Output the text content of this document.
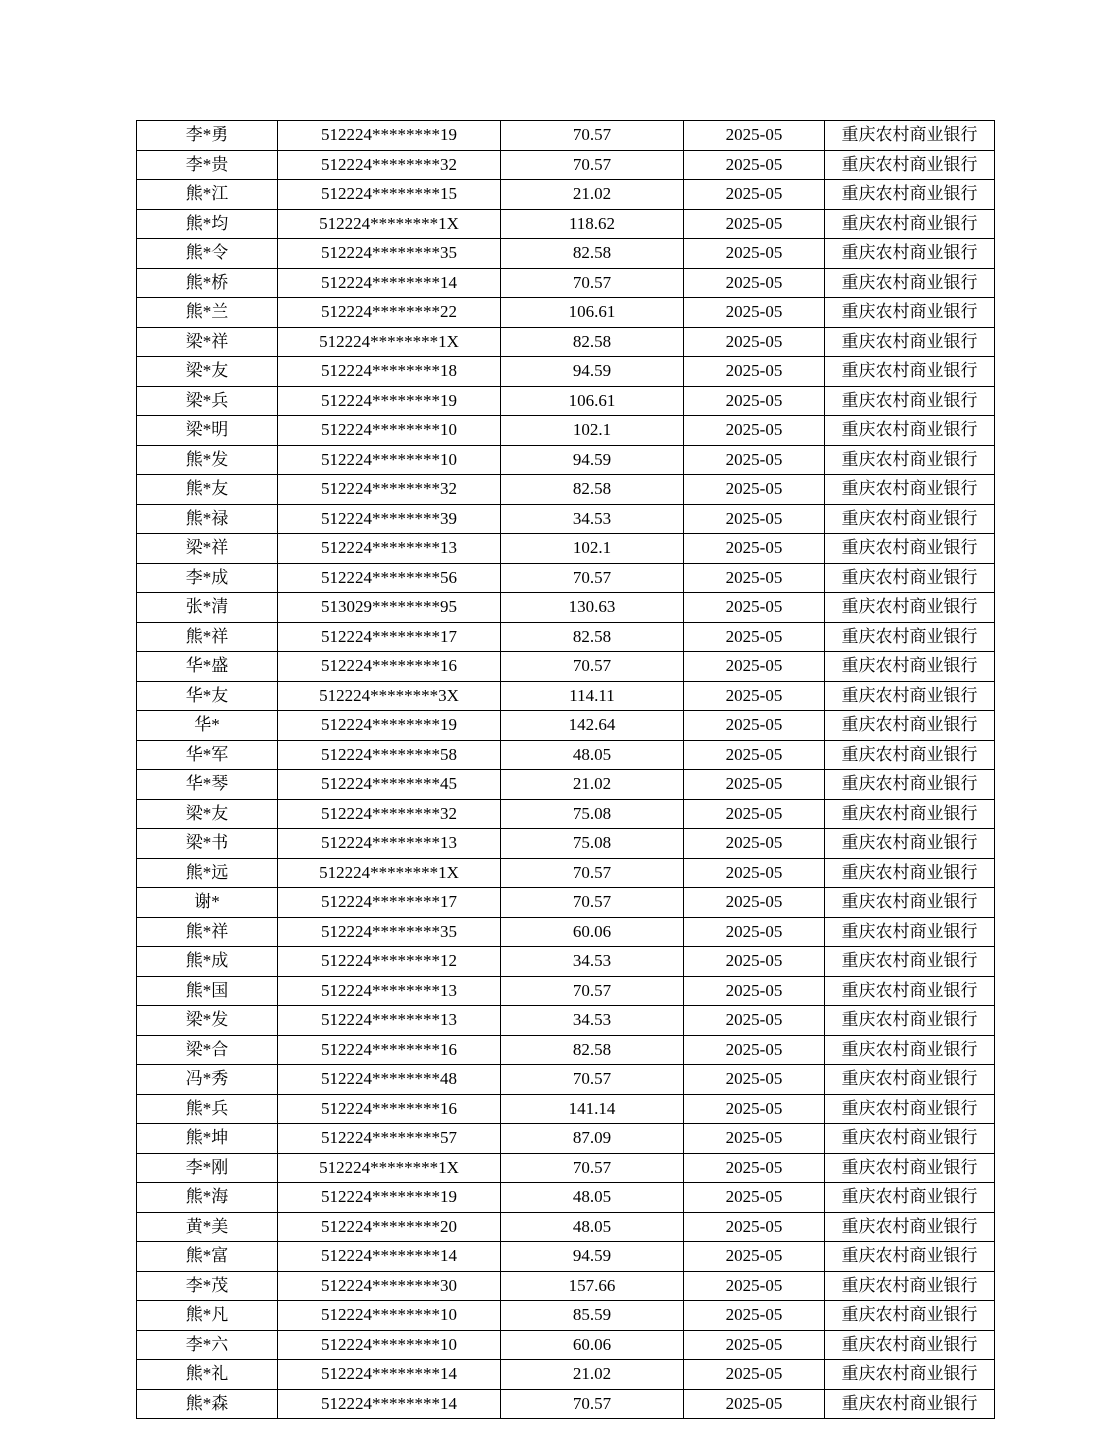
李*勇	512224********19	70.57	2025-05	重庆农村商业银行
李*贵	512224********32	70.57	2025-05	重庆农村商业银行
熊*江	512224********15	21.02	2025-05	重庆农村商业银行
熊*均	512224********1X	118.62	2025-05	重庆农村商业银行
熊*令	512224********35	82.58	2025-05	重庆农村商业银行
熊*桥	512224********14	70.57	2025-05	重庆农村商业银行
熊*兰	512224********22	106.61	2025-05	重庆农村商业银行
梁*祥	512224********1X	82.58	2025-05	重庆农村商业银行
梁*友	512224********18	94.59	2025-05	重庆农村商业银行
梁*兵	512224********19	106.61	2025-05	重庆农村商业银行
梁*明	512224********10	102.1	2025-05	重庆农村商业银行
熊*发	512224********10	94.59	2025-05	重庆农村商业银行
熊*友	512224********32	82.58	2025-05	重庆农村商业银行
熊*禄	512224********39	34.53	2025-05	重庆农村商业银行
梁*祥	512224********13	102.1	2025-05	重庆农村商业银行
李*成	512224********56	70.57	2025-05	重庆农村商业银行
张*清	513029********95	130.63	2025-05	重庆农村商业银行
熊*祥	512224********17	82.58	2025-05	重庆农村商业银行
华*盛	512224********16	70.57	2025-05	重庆农村商业银行
华*友	512224********3X	114.11	2025-05	重庆农村商业银行
华*	512224********19	142.64	2025-05	重庆农村商业银行
华*军	512224********58	48.05	2025-05	重庆农村商业银行
华*琴	512224********45	21.02	2025-05	重庆农村商业银行
梁*友	512224********32	75.08	2025-05	重庆农村商业银行
梁*书	512224********13	75.08	2025-05	重庆农村商业银行
熊*远	512224********1X	70.57	2025-05	重庆农村商业银行
谢*	512224********17	70.57	2025-05	重庆农村商业银行
熊*祥	512224********35	60.06	2025-05	重庆农村商业银行
熊*成	512224********12	34.53	2025-05	重庆农村商业银行
熊*国	512224********13	70.57	2025-05	重庆农村商业银行
梁*发	512224********13	34.53	2025-05	重庆农村商业银行
梁*合	512224********16	82.58	2025-05	重庆农村商业银行
冯*秀	512224********48	70.57	2025-05	重庆农村商业银行
熊*兵	512224********16	141.14	2025-05	重庆农村商业银行
熊*坤	512224********57	87.09	2025-05	重庆农村商业银行
李*刚	512224********1X	70.57	2025-05	重庆农村商业银行
熊*海	512224********19	48.05	2025-05	重庆农村商业银行
黄*美	512224********20	48.05	2025-05	重庆农村商业银行
熊*富	512224********14	94.59	2025-05	重庆农村商业银行
李*茂	512224********30	157.66	2025-05	重庆农村商业银行
熊*凡	512224********10	85.59	2025-05	重庆农村商业银行
李*六	512224********10	60.06	2025-05	重庆农村商业银行
熊*礼	512224********14	21.02	2025-05	重庆农村商业银行
熊*森	512224********14	70.57	2025-05	重庆农村商业银行
